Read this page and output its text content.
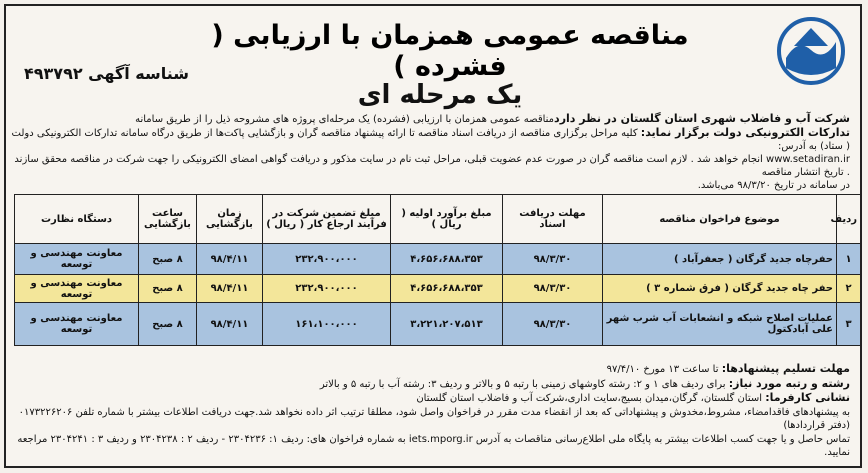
مناقصه عمومی همزمان با ارزیابی ( فشرده )
یک مرحله ای
شناسه آگهی ۴۹۳۷۹۲
شرکت آب و فاضلاب شهری استان گلستان در نظر داردمناقصه عمومی همزمان با ارزیابی (فشرده) یک مرحله‌ای پروژه های مشروحه ذیل را از طریق سامانه
تدارکات الکترونیکی دولت برگزار نماید: کلیه مراحل برگزاری مناقصه از دریافت اسناد مناقصه تا ارائه پیشنهاد مناقصه گران و بازگشایی پاکت‌ها از طریق درگاه سامانه تدارکات الکترونیکی دولت ( ستاد) به آدرس:
www.setadiran.ir انجام خواهد شد . لازم است مناقصه گران در صورت عدم عضویت قبلی، مراحل ثبت نام در سایت مذکور و دریافت گواهی امضای الکترونیکی را جهت شرکت در مناقصه محقق سازند . تاریخ انتشار مناقصه
در سامانه در تاریخ ۹۸/۳/۲۰ می‌باشد.
ردیف	موضوع فراخوان مناقصه	مهلت دریافت اسناد	مبلغ برآورد اولیه ( ریال )	مبلغ تضمین شرکت در فرآیند ارجاع کار ( ریال )	زمان بازگشایی	ساعت بازگشایی	دستگاه نظارت
۱	حفرچاه جدید گرگان ( جعفرآباد )	۹۸/۳/۳۰	۴،۶۵۶،۶۸۸،۳۵۳	۲۳۲،۹۰۰،۰۰۰	۹۸/۴/۱۱	۸ صبح	معاونت مهندسی و توسعه
۲	حفر چاه جدید گرگان ( فرق شماره ۳ )	۹۸/۳/۳۰	۴،۶۵۶،۶۸۸،۳۵۳	۲۳۲،۹۰۰،۰۰۰	۹۸/۴/۱۱	۸ صبح	معاونت مهندسی و توسعه
۳	عملیات اصلاح شبکه و انشعابات آب شرب شهر علی آبادکتول	۹۸/۳/۳۰	۳،۲۲۱،۲۰۷،۵۱۳	۱۶۱،۱۰۰،۰۰۰	۹۸/۴/۱۱	۸ صبح	معاونت مهندسی و توسعه
مهلت تسلیم پیشنهادها: تا ساعت ۱۳ مورخ ۹۷/۴/۱۰
رشته و رتبه مورد نیاز: برای ردیف های ۱ و ۲: رشته کاوشهای زمینی با رتبه ۵ و بالاتر و ردیف ۳: رشته آب با رتبه ۵ و بالاتر
نشانی کارفرما: استان گلستان، گرگان،میدان بسیج،سایت اداری،شرکت آب و فاضلاب استان گلستان
به پیشنهادهای فاقدامضاء، مشروط،مخدوش و پیشنهاداتی که بعد از انقضاء مدت مقرر در فراخوان واصل شود، مطلقا ترتیب اثر داده نخواهد شد.جهت دریافت اطلاعات بیشتر با شماره تلفن ۰۱۷۳۲۲۶۲۰۶ (دفتر قراردادها)
تماس حاصل و یا جهت کسب اطلاعات بیشتر به پایگاه ملی اطلاع‌رسانی مناقصات به آدرس iets.mporg.ir به شماره فراخوان های: ردیف ۱: ۲۳۰۴۲۳۶ - ردیف ۲ : ۲۳۰۴۲۳۸ و ردیف ۳ : ۲۳۰۴۲۴۱ مراجعه نمایید.
